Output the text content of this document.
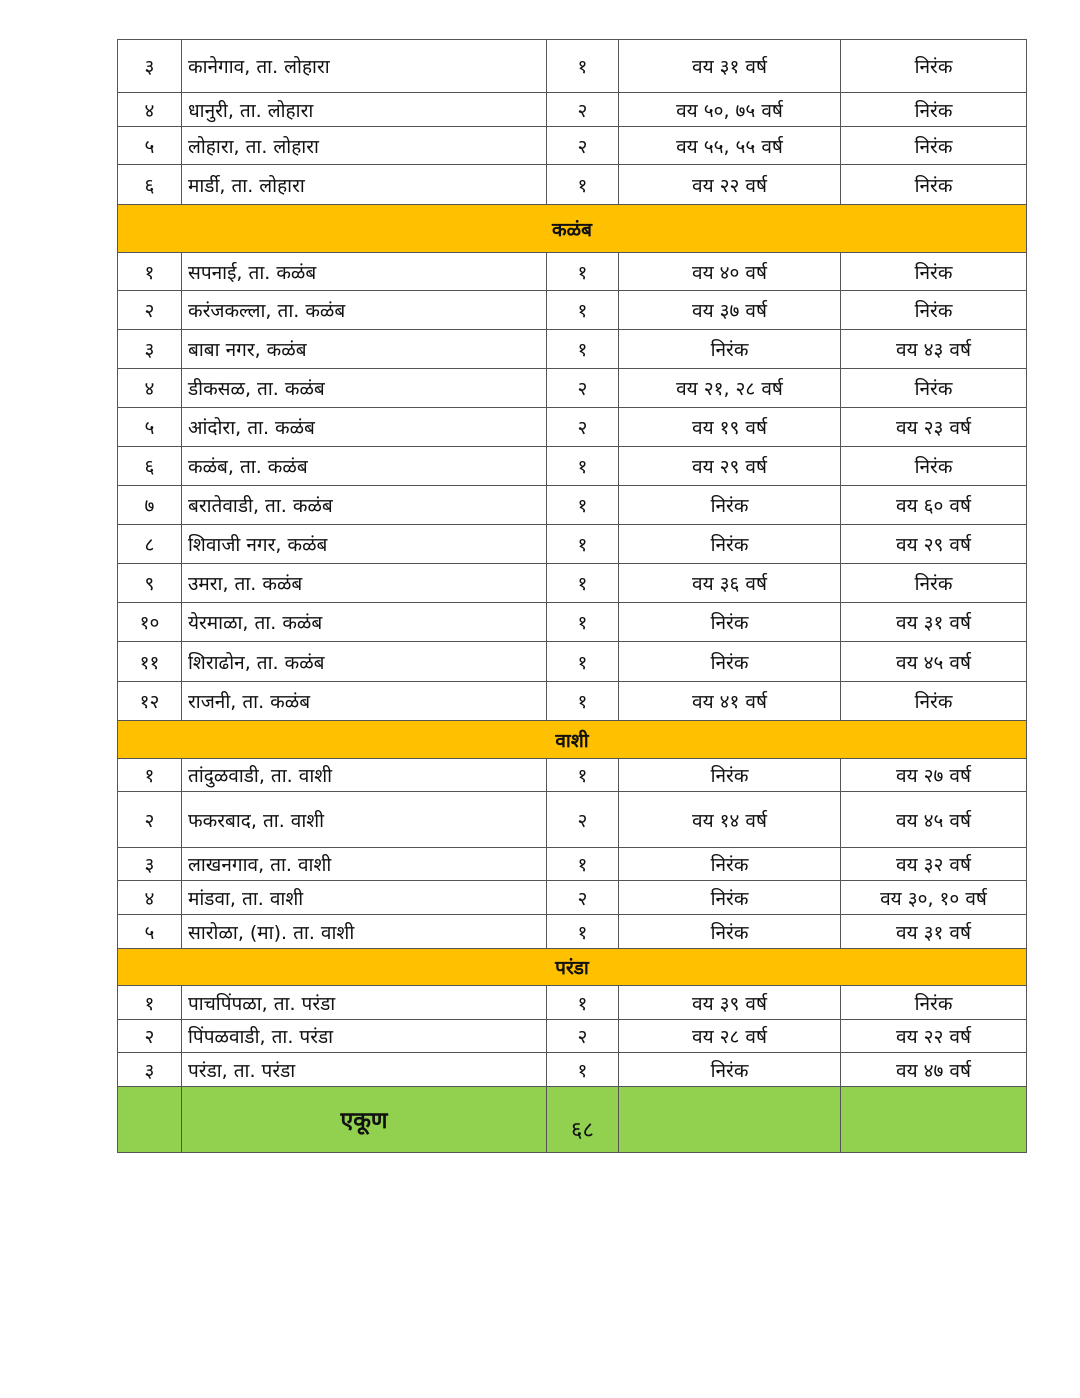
३	कानेगाव, ता. लोहारा	१	वय ३१ वर्ष	निरंक
४	धानुरी, ता. लोहारा	२	वय ५०, ७५ वर्ष	निरंक
५	लोहारा, ता. लोहारा	२	वय ५५, ५५ वर्ष	निरंक
६	मार्डी, ता. लोहारा	१	वय २२ वर्ष	निरंक
कळंब				
१	सपनाई, ता. कळंब	१	वय ४० वर्ष	निरंक
२	करंजकल्ला, ता. कळंब	१	वय ३७ वर्ष	निरंक
३	बाबा नगर, कळंब	१	निरंक	वय ४३ वर्ष
४	डीकसळ, ता. कळंब	२	वय २१, २८ वर्ष	निरंक
५	आंदोरा, ता. कळंब	२	वय १९ वर्ष	वय २३ वर्ष
६	कळंब, ता. कळंब	१	वय २९ वर्ष	निरंक
७	बरातेवाडी, ता. कळंब	१	निरंक	वय ६० वर्ष
८	शिवाजी नगर, कळंब	१	निरंक	वय २९ वर्ष
९	उमरा, ता. कळंब	१	वय ३६ वर्ष	निरंक
१०	येरमाळा, ता. कळंब	१	निरंक	वय ३१ वर्ष
११	शिराढोन, ता. कळंब	१	निरंक	वय ४५ वर्ष
१२	राजनी, ता. कळंब	१	वय ४१ वर्ष	निरंक
वाशी				
१	तांदुळवाडी, ता. वाशी	१	निरंक	वय २७ वर्ष
२	फकरबाद, ता. वाशी	२	वय १४ वर्ष	वय ४५ वर्ष
३	लाखनगाव, ता. वाशी	१	निरंक	वय ३२ वर्ष
४	मांडवा, ता. वाशी	२	निरंक	वय ३०, १० वर्ष
५	सारोळा, (मा). ता. वाशी	१	निरंक	वय ३१ वर्ष
परंडा				
१	पाचपिंपळा, ता. परंडा	१	वय ३९ वर्ष	निरंक
२	पिंपळवाडी, ता. परंडा	२	वय २८ वर्ष	वय २२ वर्ष
३	परंडा, ता. परंडा	१	निरंक	वय ४७ वर्ष
	एकूण	६८		
